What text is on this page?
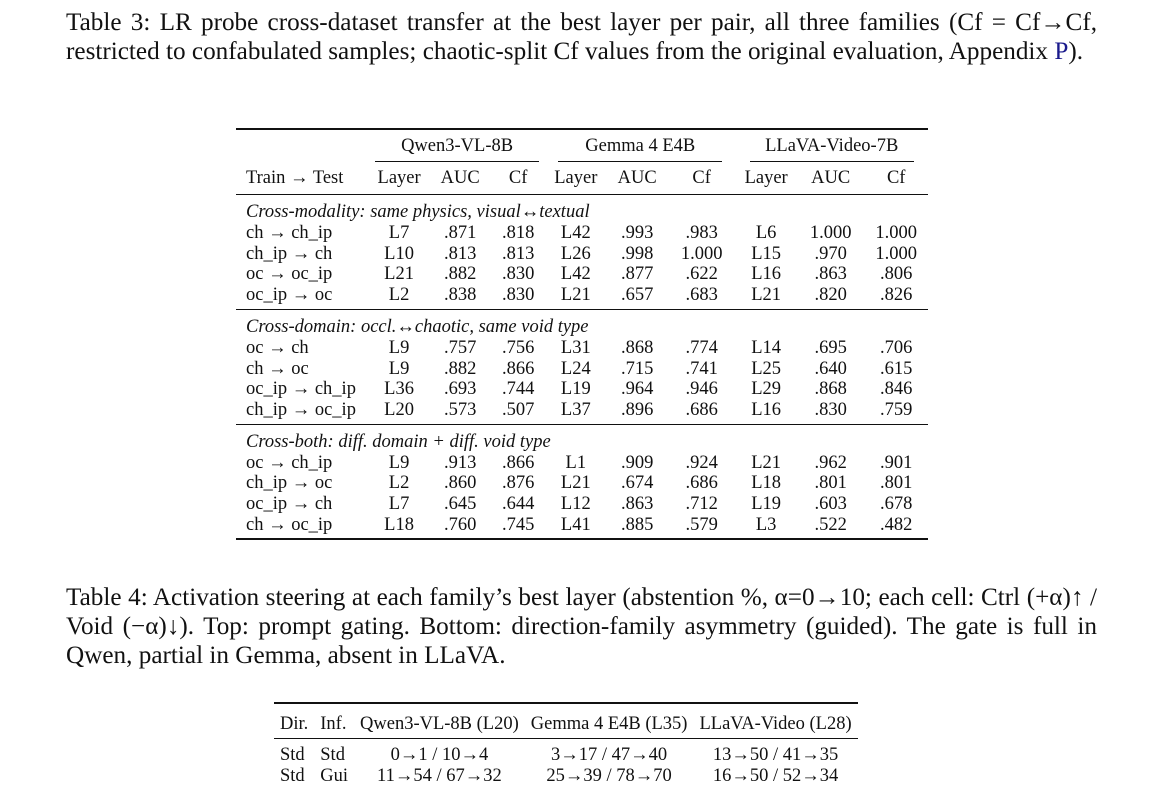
Table 3: LR probe cross-dataset transfer at the best layer per pair, all three families (Cf = Cf→Cf, restricted to confabulated samples; chaotic-split Cf values from the original evaluation, Appendix P).

	Qwen3-VL-8B			Gemma 4 E4B			LLaVA-Video-7B		
Train → Test	Layer	AUC	Cf	Layer	AUC	Cf	Layer	AUC	Cf
Cross-modality: same physics, visual↔textual									
ch → ch_ip	L7	.871	.818	L42	.993	.983	L6	1.000	1.000
ch_ip → ch	L10	.813	.813	L26	.998	1.000	L15	.970	1.000
oc → oc_ip	L21	.882	.830	L42	.877	.622	L16	.863	.806
oc_ip → oc	L2	.838	.830	L21	.657	.683	L21	.820	.826

Cross-domain: occl.↔chaotic, same void type									
oc → ch	L9	.757	.756	L31	.868	.774	L14	.695	.706
ch → oc	L9	.882	.866	L24	.715	.741	L25	.640	.615
oc_ip → ch_ip	L36	.693	.744	L19	.964	.946	L29	.868	.846
ch_ip → oc_ip	L20	.573	.507	L37	.896	.686	L16	.830	.759

Cross-both: diff. domain + diff. void type									
oc → ch_ip	L9	.913	.866	L1	.909	.924	L21	.962	.901
ch_ip → oc	L2	.860	.876	L21	.674	.686	L18	.801	.801
oc_ip → ch	L7	.645	.644	L12	.863	.712	L19	.603	.678
ch → oc_ip	L18	.760	.745	L41	.885	.579	L3	.522	.482

Table 4: Activation steering at each family’s best layer (abstention %, α=0→10; each cell: Ctrl (+α)↑ / Void (−α)↓). Top: prompt gating. Bottom: direction-family asymmetry (guided). The gate is full in Qwen, partial in Gemma, absent in LLaVA.

Dir.	Inf.	Qwen3-VL-8B (L20)	Gemma 4 E4B (L35)	LLaVA-Video (L28)

Std	Std	0→1 / 10→4	3→17 / 47→40	13→50 / 41→35
Std	Gui	11→54 / 67→32	25→39 / 78→70	16→50 / 52→34
